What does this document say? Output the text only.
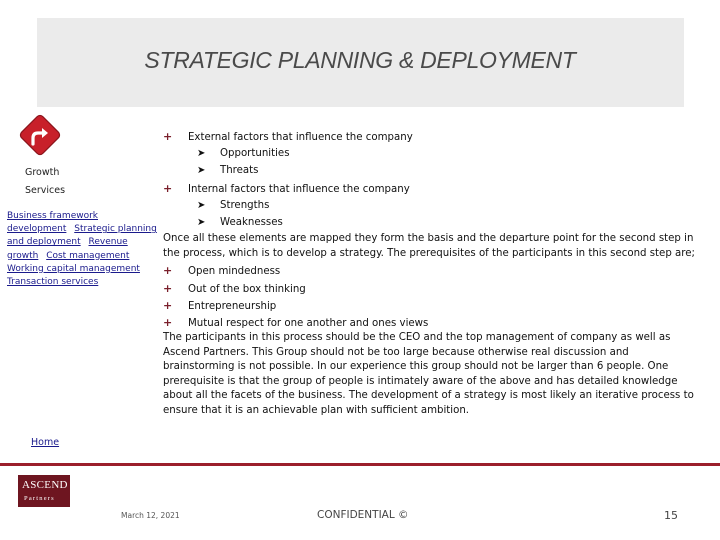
STRATEGIC PLANNING & DEPLOYMENT
Growth
Services
Business framework development Strategic planning and deployment Revenue growth Cost management Working capital management Transaction services
+ External factors that influence the company
➤ Opportunities
➤ Threats
+ Internal factors that influence the company
➤ Strengths
➤ Weaknesses
Once all these elements are mapped they form the basis and the departure point for the second step in the process, which is to develop a strategy. The prerequisites of the participants in this second step are;
+ Open mindedness
+ Out of the box thinking
+ Entrepreneurship
+ Mutual respect for one another and ones views
The participants in this process should be the CEO and the top management of company as well as Ascend Partners. This Group should not be too large because otherwise real discussion and brainstorming is not possible. In our experience this group should not be larger than 6 people. One prerequisite is that the group of people is intimately aware of the above and has detailed knowledge about all the facets of the business. The development of a strategy is most likely an iterative process to ensure that it is an achievable plan with sufficient ambition.
Home
ASCEND
Partners
March 12, 2021	CONFIDENTIAL ©	15
